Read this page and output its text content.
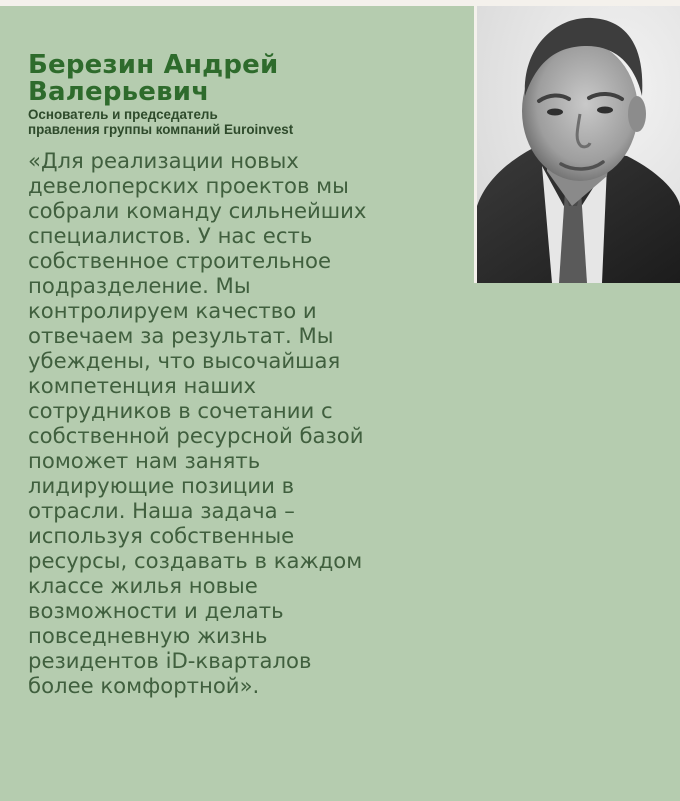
Березин Андрей
Валерьевич

Основатель и председатель
правления группы компаний Euroinvest

«Для реализации новых
девелоперских проектов мы
собрали команду сильнейших
специалистов. У нас есть
собственное строительное
подразделение. Мы
контролируем качество и
отвечаем за результат. Мы
убеждены, что высочайшая
компетенция наших
сотрудников в сочетании с
собственной ресурсной базой
поможет нам занять
лидирующие позиции в
отрасли. Наша задача –
используя собственные
ресурсы, создавать в каждом
классе жилья новые
возможности и делать
повседневную жизнь
резидентов iD-кварталов
более комфортной».
